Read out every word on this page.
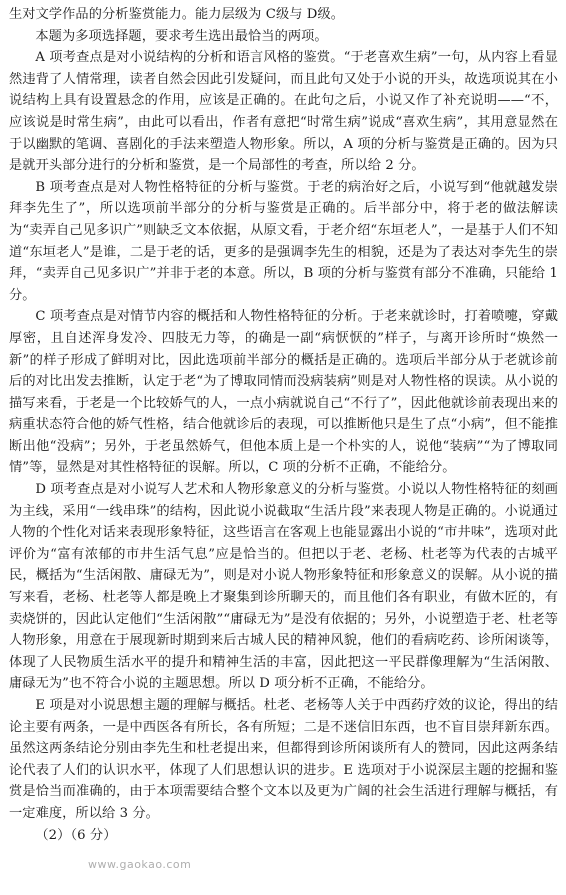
生对文学作品的分析鉴赏能力。能力层级为 C级与 D级。

本题为多项选择题，要求考生选出最恰当的两项。

A 项考查点是对小说结构的分析和语言风格的鉴赏。“于老喜欢生病”一句，从内容上看显然违背了人情常理，读者自然会因此引发疑问，而且此句又处于小说的开头，故选项说其在小说结构上具有设置悬念的作用，应该是正确的。在此句之后，小说又作了补充说明——“不，应该说是时常生病”，由此可以看出，作者有意把“时常生病”说成“喜欢生病”，其用意显然在于以幽默的笔调、喜剧化的手法来塑造人物形象。所以，A 项的分析与鉴赏是正确的。因为只是就开头部分进行的分析和鉴赏，是一个局部性的考查，所以给 2 分。

B 项考查点是对人物性格特征的分析与鉴赏。于老的病治好之后，小说写到“他就越发崇拜李先生了”，所以选项前半部分的分析与鉴赏是正确的。后半部分中，将于老的做法解读为“卖弄自己见多识广”则缺乏文本依据，从原文看，于老介绍“东垣老人”，一是基于人们不知道“东垣老人”是谁，二是于老的话，更多的是强调李先生的相貌，还是为了表达对李先生的崇拜，“卖弄自己见多识广”并非于老的本意。所以，B 项的分析与鉴赏有部分不准确，只能给 1 分。

C 项考查点是对情节内容的概括和人物性格特征的分析。于老来就诊时，打着喷嚏，穿戴厚密，且自述浑身发冷、四肢无力等，的确是一副“病恹恹的”样子，与离开诊所时“焕然一新”的样子形成了鲜明对比，因此选项前半部分的概括是正确的。选项后半部分从于老就诊前后的对比出发去推断，认定于老“为了博取同情而没病装病”则是对人物性格的误读。从小说的描写来看，于老是一个比较娇气的人，一点小病就说自己“不行了”，因此他就诊前表现出来的病重状态符合他的娇气性格，结合他就诊后的表现，可以推断他只是生了点“小病”，但不能推断出他“没病”；另外，于老虽然娇气，但他本质上是一个朴实的人，说他“装病”“为了博取同情”等，显然是对其性格特征的误解。所以，C 项的分析不正确，不能给分。

D 项考查点是对小说写人艺术和人物形象意义的分析与鉴赏。小说以人物性格特征的刻画为主线，采用“一线串珠”的结构，因此说小说截取“生活片段”来表现人物是正确的。小说通过人物的个性化对话来表现形象特征，这些语言在客观上也能显露出小说的“市井味”，选项对此评价为“富有浓郁的市井生活气息”应是恰当的。但把以于老、老杨、杜老等为代表的古城平民，概括为“生活闲散、庸碌无为”，则是对小说人物形象特征和形象意义的误解。从小说的描写来看，老杨、杜老等人都是晚上才聚集到诊所聊天的，而且他们各有职业，有做木匠的，有卖烧饼的，因此认定他们“生活闲散”“庸碌无为”是没有依据的；另外，小说塑造于老、杜老等人物形象，用意在于展现新时期到来后古城人民的精神风貌，他们的看病吃药、诊所闲谈等，体现了人民物质生活水平的提升和精神生活的丰富，因此把这一平民群像理解为“生活闲散、庸碌无为”也不符合小说的主题思想。所以 D 项分析不正确，不能给分。

E 项是对小说思想主题的理解与概括。杜老、老杨等人关于中西药疗效的议论，得出的结论主要有两条，一是中西医各有所长，各有所短；二是不迷信旧东西，也不盲目崇拜新东西。虽然这两条结论分别由李先生和杜老提出来，但都得到诊所闲谈所有人的赞同，因此这两条结论代表了人们的认识水平，体现了人们思想认识的进步。E 选项对于小说深层主题的挖掘和鉴赏是恰当而准确的，由于本项需要结合整个文本以及更为广阔的社会生活进行理解与概括，有一定难度，所以给 3 分。

（2）（6 分）

www.gaokao.com
